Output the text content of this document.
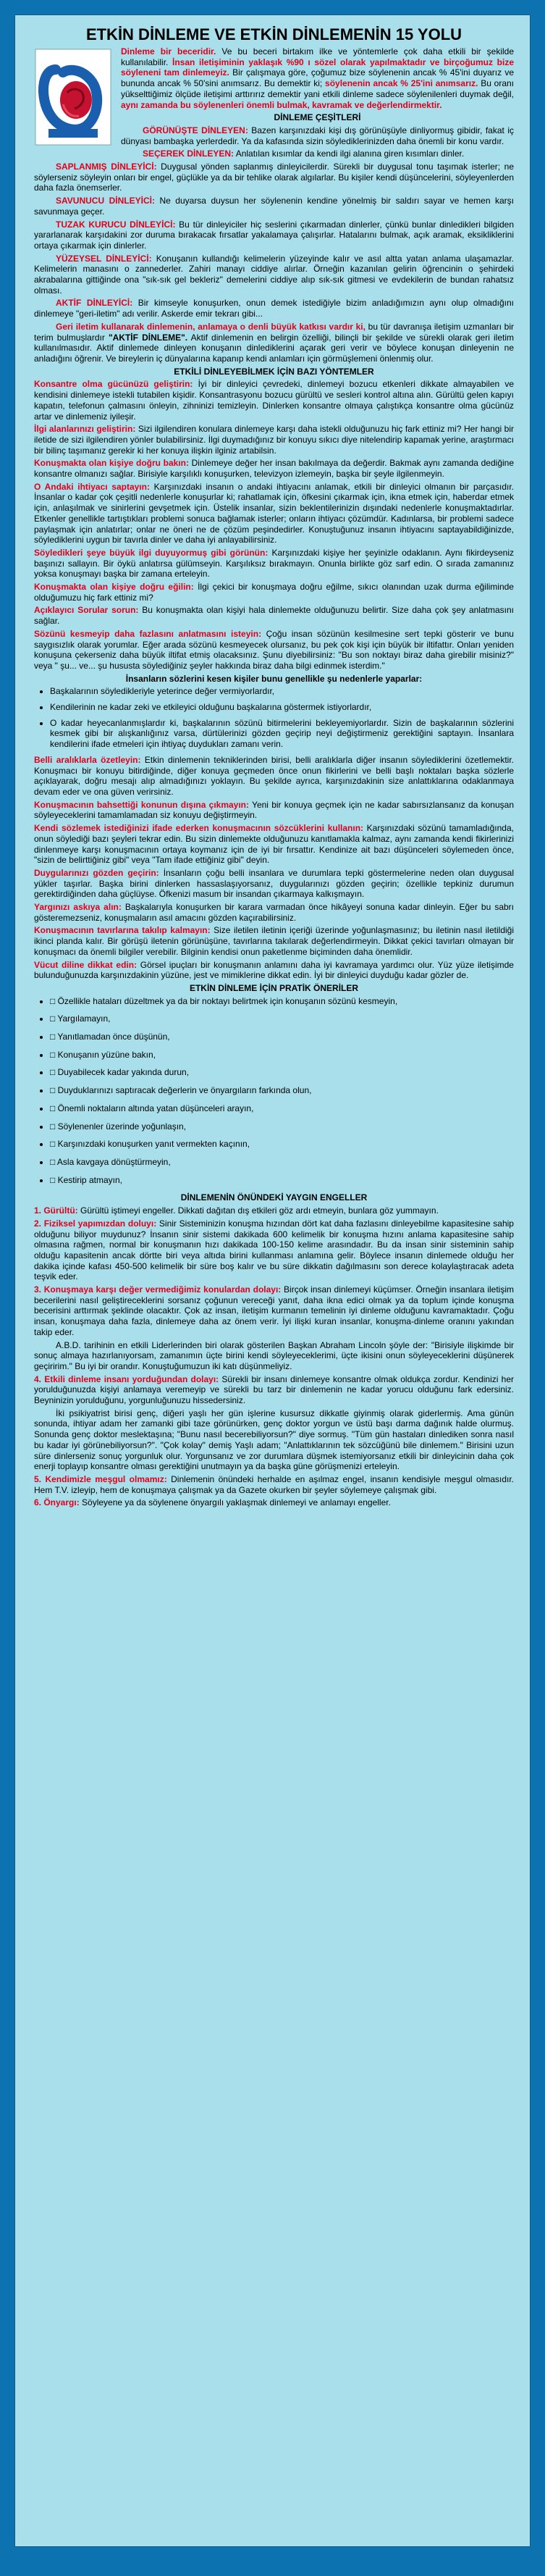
ETKİN DİNLEME VE ETKİN DİNLEMENİN 15 YOLU

Dinleme bir beceridir. Ve bu beceri birtakım ilke ve yöntemlerle çok daha etkili bir şekilde kullanılabilir. İnsan iletişiminin yaklaşık %90 ı sözel olarak yapılmaktadır ve birçoğumuz bize söyleneni tam dinlemeyiz. Bir çalışmaya göre, çoğumuz bize söylenenin ancak % 45'ini duyarız ve bununda ancak % 50'sini anımsarız. Bu demektir ki; söylenenin ancak % 25'ini anımsarız. Bu oranı yükselttiğimiz ölçüde iletişimi arttırırız demektir yani etkili dinleme sadece söylenilenleri duymak değil, aynı zamanda bu söylenenleri önemli bulmak, kavramak ve değerlendirmektir.

DİNLEME ÇEŞİTLERİ

GÖRÜNÜŞTE DİNLEYEN: Bazen karşınızdaki kişi dış görünüşüyle dinliyormuş gibidir, fakat iç dünyası bambaşka yerlerdedir. Ya da kafasında sizin söylediklerinizden daha önemli bir konu vardır.

SEÇEREK DİNLEYEN: Anlatılan kısımlar da kendi ilgi alanına giren kısımları dinler.

SAPLANMIŞ DİNLEYİCİ: Duygusal yönden saplanmış dinleyicilerdir. Sürekli bir duygusal tonu taşımak isterler; ne söylerseniz söyleyin onları bir engel, güçlükle ya da bir tehlike olarak algılarlar. Bu kişiler kendi düşüncelerini, söyleyenlerden daha fazla önemserler.

SAVUNUCU DİNLEYİCİ: Ne duyarsa duysun her söylenenin kendine yönelmiş bir saldırı sayar ve hemen karşı savunmaya geçer.

TUZAK KURUCU DİNLEYİCİ: Bu tür dinleyiciler hiç seslerini çıkarmadan dinlerler, çünkü bunlar dinledikleri bilgiden yararlanarak karşıdakini zor duruma bırakacak fırsatlar yakalamaya çalışırlar. Hatalarını bulmak, açık aramak, eksikliklerini ortaya çıkarmak için dinlerler.

YÜZEYSEL DİNLEYİCİ: Konuşanın kullandığı kelimelerin yüzeyinde kalır ve asıl altta yatan anlama ulaşamazlar. Kelimelerin manasını o zannederler. Zahiri manayı ciddiye alırlar. Örneğin kazanılan gelirin öğrencinin o şehirdeki akrabalarına gittiğinde ona "sık-sık gel bekleriz" demelerini ciddiye alıp sık-sık gitmesi ve evdekilerin de bundan rahatsız olması.

AKTİF DİNLEYİCİ: Bir kimseyle konuşurken, onun demek istediğiyle bizim anladığımızın aynı olup olmadığını dinlemeye "geri-iletim" adı verilir. Askerde emir tekrarı gibi...

Geri iletim kullanarak dinlemenin, anlamaya o denli büyük katkısı vardır ki, bu tür davranışa iletişim uzmanları bir terim bulmuşlardır "AKTİF DİNLEME". Aktif dinlemenin en belirgin özelliği, bilinçli bir şekilde ve sürekli olarak geri iletim kullanılmasıdır. Aktif dinlemede dinleyen konuşanın dinlediklerini açarak geri verir ve böylece konuşan dinleyenin ne anladığını öğrenir. Ve bireylerin iç dünyalarına kapanıp kendi anlamları için görmüşlemeni önlenmiş olur.

ETKİLİ DİNLEYEBİLMEK İÇİN BAZI YÖNTEMLER

Konsantre olma gücünüzü geliştirin: İyi bir dinleyici çevredeki, dinlemeyi bozucu etkenleri dikkate almayabilen ve kendisini dinlemeye istekli tutabilen kişidir. Konsantrasyonu bozucu gürültü ve sesleri kontrol altına alın. Gürültü gelen kapıyı kapatın, telefonun çalmasını önleyin, zihninizi temizleyin. Dinlerken konsantre olmaya çalıştıkça konsantre olma gücünüz artar ve dinlemeniz iyileşir.

İlgi alanlarınızı geliştirin: Sizi ilgilendiren konulara dinlemeye karşı daha istekli olduğunuzu hiç fark ettiniz mi? Her hangi bir iletide de sizi ilgilendiren yönler bulabilirsiniz. İlgi duymadığınız bir konuyu sıkıcı diye nitelendirip kapamak yerine, araştırmacı bir bilinç taşımanız gerekir ki her konuya ilişkin ilginiz artabilsin.

Konuşmakta olan kişiye doğru bakın: Dinlemeye değer her insan bakılmaya da değerdir. Bakmak aynı zamanda dediğine konsantre olmanızı sağlar. Birisiyle karşılıklı konuşurken, televizyon izlemeyin, başka bir şeyle ilgilenmeyin.

O Andaki ihtiyacı saptayın: Karşınızdaki insanın o andaki ihtiyacını anlamak, etkili bir dinleyici olmanın bir parçasıdır. İnsanlar o kadar çok çeşitli nedenlerle konuşurlar ki; rahatlamak için, öfkesini çıkarmak için, ikna etmek için, haberdar etmek için, anlaşılmak ve sinirlerini gevşetmek için. Üstelik insanlar, sizin beklentilerinizin dışındaki nedenlerle konuşmaktadırlar. Etkenler genellikle tartıştıkları problemi sonuca bağlamak isterler; onların ihtiyacı çözümdür. Kadınlarsa, bir problemi sadece paylaşmak için anlatırlar; onlar ne öneri ne de çözüm peşindedirler. Konuştuğunuz insanın ihtiyacını saptayabildiğinizde, söylediklerini uygun bir tavırla dinler ve daha iyi anlayabilirsiniz.

Söyledikleri şeye büyük ilgi duyuyormuş gibi görünün: Karşınızdaki kişiye her şeyinizle odaklanın. Aynı fikirdeyseniz başınızı sallayın. Bir öykü anlatırsa gülümseyin. Karşılıksız bırakmayın. Onunla birlikte göz sarf edin. O sırada zamanınız yoksa konuşmayı başka bir zamana erteleyin.

Konuşmakta olan kişiye doğru eğilin: İlgi çekici bir konuşmaya doğru eğilme, sıkıcı olanından uzak durma eğiliminde olduğumuzu hiç fark ettiniz mi?

Açıklayıcı Sorular sorun: Bu konuşmakta olan kişiyi hala dinlemekte olduğunuzu belirtir. Size daha çok şey anlatmasını sağlar.

Sözünü kesmeyip daha fazlasını anlatmasını isteyin: Çoğu insan sözünün kesilmesine sert tepki gösterir ve bunu saygısızlık olarak yorumlar. Eğer arada sözünü kesmeyecek olursanız, bu pek çok kişi için büyük bir iltifattır. Onları yeniden konuşuna çekerseniz daha büyük iltifat etmiş olacaksınız. Şunu diyebilirsiniz: "Bu son noktayı biraz daha girebilir misiniz?" veya " şu... ve... şu hususta söylediğiniz şeyler hakkında biraz daha bilgi edinmek isterdim."

İnsanların sözlerini kesen kişiler bunu genellikle şu nedenlerle yaparlar:
• Başkalarının söyledikleriyle yeterince değer vermiyorlardır,
• Kendilerinin ne kadar zeki ve etkileyici olduğunu başkalarına göstermek istiyorlardır,
• O kadar heyecanlanmışlardır ki, başkalarının sözünü bitirmelerini bekleyemiyorlardır. Sizin de başkalarının sözlerini kesmek gibi bir alışkanlığınız varsa, dürtülerinizi gözden geçirip neyi değiştirmeniz gerektiğini saptayın. İnsanlara kendilerini ifade etmeleri için ihtiyaç duydukları zamanı verin.

Belli aralıklarla özetleyin: Etkin dinlemenin tekniklerinden birisi, belli aralıklarla diğer insanın söylediklerini özetlemektir. Konuşmacı bir konuyu bitirdiğinde, diğer konuya geçmeden önce onun fikirlerini ve belli başlı noktaları başka sözlerle açıklayarak, doğru mesajı alıp almadığınızı yoklayın. Bu şekilde ayrıca, karşınızdakinin size anlattıklarına odaklanmaya devam eder ve ona güven verirsiniz.

Konuşmacının bahsettiği konunun dışına çıkmayın: Yeni bir konuya geçmek için ne kadar sabırsızlansanız da konuşan söyleyeceklerini tamamlamadan siz konuyu değiştirmeyin.

Kendi sözlemek istediğinizi ifade ederken konuşmacının sözcüklerini kullanın: Karşınızdaki sözünü tamamladığında, onun söylediği bazı şeyleri tekrar edin. Bu sizin dinlemekte olduğunuzu kanıtlamakla kalmaz, aynı zamanda kendi fikirlerinizi dinlenmeye karşı konuşmacının ortaya koymanız için de iyi bir fırsattır. Kendinize ait bazı düşünceleri söylemeden önce, "sizin de belirttiğiniz gibi" veya "Tam ifade ettiğiniz gibi" deyin.

Duygularınızı gözden geçirin: İnsanların çoğu belli insanlara ve durumlara tepki göstermelerine neden olan duygusal yükler taşırlar. Başka birini dinlerken hassaslaşıyorsanız, duygularınızı gözden geçirin; özellikle tepkiniz durumun gerektirdiğinden daha güçlüyse. Öfkenizi masum bir insandan çıkarmaya kalkışmayın.

Yargınızı askıya alın: Başkalarıyla konuşurken bir karara varmadan önce hikâyeyi sonuna kadar dinleyin. Eğer bu sabrı gösteremezseniz, konuşmaların asıl amacını gözden kaçırabilirsiniz.

Konuşmacının tavırlarına takılıp kalmayın: Size iletilen iletinin içeriği üzerinde yoğunlaşmasınız; bu iletinin nasıl iletildiği ikinci planda kalır. Bir görüşü iletenin görünüşüne, tavırlarına takılarak değerlendirmeyin. Dikkat çekici tavırları olmayan bir konuşmacı da önemli bilgiler verebilir. Bilginin kendisi onun paketlenme biçiminden daha önemlidir.

Vücut diline dikkat edin: Görsel ipuçları bir konuşmanın anlamını daha iyi kavramaya yardımcı olur. Yüz yüze iletişimde bulunduğunuzda karşınızdakinin yüzüne, jest ve mimiklerine dikkat edin. İyi bir dinleyici duyduğu kadar gözler de.

ETKİN DİNLEME İÇİN PRATİK ÖNERİLER
• □ Özellikle hataları düzeltmek ya da bir noktayı belirtmek için konuşanın sözünü kesmeyin,
• □ Yargılamayın,
• □ Yanıtlamadan önce düşünün,
• □ Konuşanın yüzüne bakın,
• □ Duyabilecek kadar yakında durun,
• □ Duyduklarınızı saptıracak değerlerin ve önyargıların farkında olun,
• □ Önemli noktaların altında yatan düşünceleri arayın,
• □ Söylenenler üzerinde yoğunlaşın,
• □ Karşınızdaki konuşurken yanıt vermekten kaçının,
• □ Asla kavgaya dönüştürmeyin,
• □ Kestirip atmayın,
DİNLEMENİN ÖNÜNDEKİ YAYGIN ENGELLER

1. Gürültü: Gürültü iştimeyi engeller. Dikkati dağıtan dış etkileri göz ardı etmeyin, bunlara göz yummayın.

2. Fiziksel yapımızdan doluyı: Sinir Sisteminizin konuşma hızından dört kat daha fazlasını dinleyebilme kapasitesine sahip olduğunu biliyor muydunuz? İnsanın sinir sistemi dakikada 600 kelimelik bir konuşma hızını anlama kapasitesine sahip olmasına rağmen, normal bir konuşmanın hızı dakikada 100-150 kelime arasındadır. Bu da insan sinir sisteminin sahip olduğu kapasitenin ancak dörtte biri veya altıda birini kullanması anlamına gelir. Böylece insanın dinlemede olduğu her dakika içinde kafası 450-500 kelimelik bir süre boş kalır ve bu süre dikkatin dağılmasını son derece kolaylaştıracak adeta teşvik eder.

3. Konuşmaya karşı değer vermediğimiz konulardan dolayı: Birçok insan dinlemeyi küçümser. Örneğin insanlara iletişim becerilerini nasıl geliştireceklerini sorsanız çoğunun vereceği yanıt, daha ikna edici olmak ya da toplum içinde konuşma becerisini arttırmak şeklinde olacaktır. Çok az insan, iletişim kurmanın temelinin iyi dinleme olduğunu kavramaktadır. Çoğu insan, konuşmaya daha fazla, dinlemeye daha az önem verir. İyi ilişki kuran insanlar, konuşma-dinleme oranını yakından takip eder.

A.B.D. tarihinin en etkili Liderlerinden biri olarak gösterilen Başkan Abraham Lincoln şöyle der: "Birisiyle ilişkimde bir sonuç almaya hazırlanıyorsam, zamanımın üçte birini kendi söyleyeceklerimi, üçte ikisini onun söyleyeceklerini düşünerek geçiririm." Bu iyi bir orandır. Konuştuğumuzun iki katı düşünmeliyiz.

4. Etkili dinleme insanı yorduğundan dolayı: Sürekli bir insanı dinlemeye konsantre olmak oldukça zordur. Kendinizi her yorulduğunuzda kişiyi anlamaya veremeyip ve sürekli bu tarz bir dinlemenin ne kadar yorucu olduğunu fark edersiniz. Beyninizin yorulduğunu, yorgunluğunuzu hissedersiniz.

İki psikiyatrist birisi genç, diğeri yaşlı her gün işlerine kusursuz dikkatle giyinmiş olarak giderlermiş. Ama günün sonunda, ihtiyar adam her zamanki gibi taze görünürken, genç doktor yorgun ve üstü başı darma dağınık halde olurmuş. Sonunda genç doktor meslektaşına; "Bunu nasıl becerebiliyorsun?" diye sormuş. "Tüm gün hastaları dinlediken sonra nasıl bu kadar iyi görünebiliyorsun?". "Çok kolay" demiş Yaşlı adam; "Anlattıklarının tek sözcüğünü bile dinlemem." Birisini uzun süre dinlerseniz sonuç yorgunluk olur. Yorgunsanız ve zor durumlara düşmek istemiyorsanız etkili bir dinleyicinin daha çok enerji toplayıp konsantre olması gerektiğini unutmayın ya da başka güne görüşmenizi erteleyin.

5. Kendimizle meşgul olmamız: Dinlemenin önündeki herhalde en aşılmaz engel, insanın kendisiyle meşgul olmasıdır. Hem T.V. izleyip, hem de konuşmaya çalışmak ya da Gazete okurken bir şeyler söylemeye çalışmak gibi.

6. Önyargı: Söyleyene ya da söylenene önyargılı yaklaşmak dinlemeyi ve anlamayı engeller.
